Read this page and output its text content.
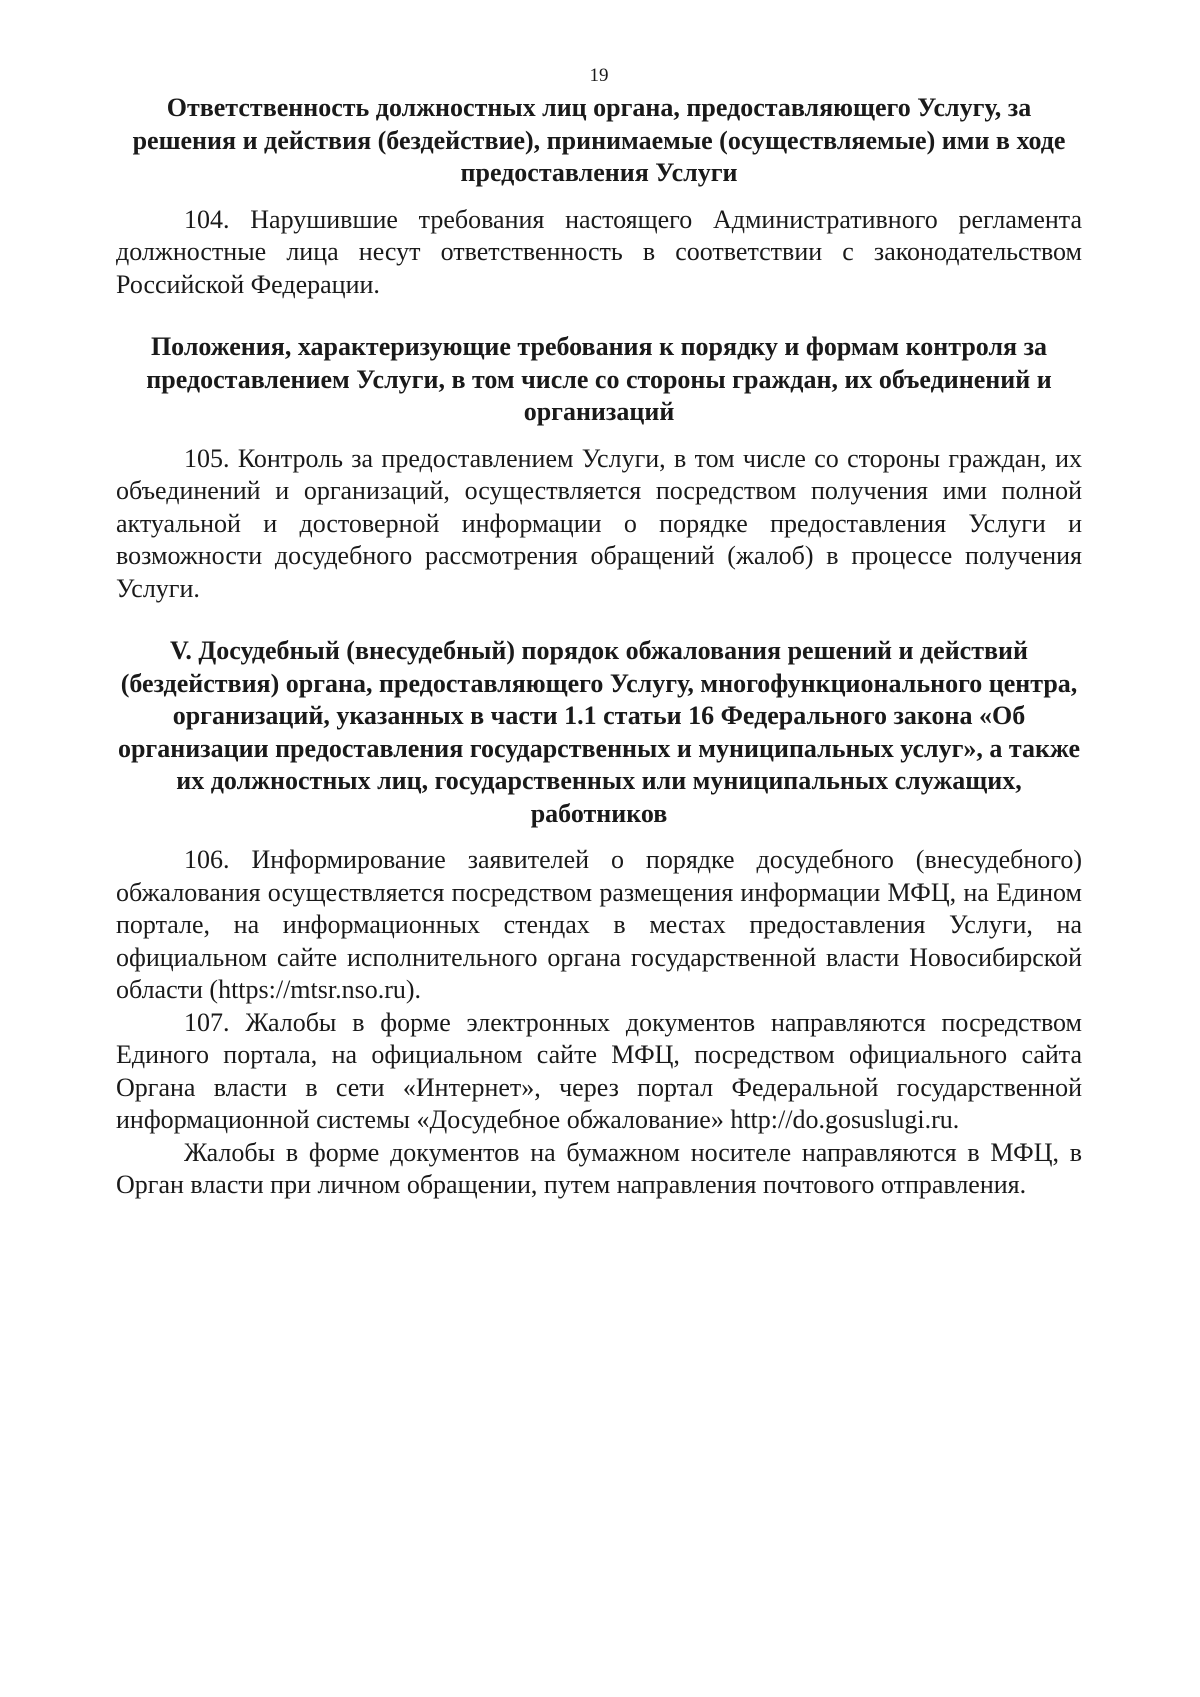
19
Ответственность должностных лиц органа, предоставляющего Услугу, за решения и действия (бездействие), принимаемые (осуществляемые) ими в ходе предоставления Услуги

104. Нарушившие требования настоящего Административного регламента должностные лица несут ответственность в соответствии с законодательством Российской Федерации.

Положения, характеризующие требования к порядку и формам контроля за предоставлением Услуги, в том числе со стороны граждан, их объединений и организаций

105. Контроль за предоставлением Услуги, в том числе со стороны граждан, их объединений и организаций, осуществляется посредством получения ими полной актуальной и достоверной информации о порядке предоставления Услуги и возможности досудебного рассмотрения обращений (жалоб) в процессе получения Услуги.

V. Досудебный (внесудебный) порядок обжалования решений и действий (бездействия) органа, предоставляющего Услугу, многофункционального центра, организаций, указанных в части 1.1 статьи 16 Федерального закона «Об организации предоставления государственных и муниципальных услуг», а также их должностных лиц, государственных или муниципальных служащих, работников

106. Информирование заявителей о порядке досудебного (внесудебного) обжалования осуществляется посредством размещения информации МФЦ, на Едином портале, на информационных стендах в местах предоставления Услуги, на официальном сайте исполнительного органа государственной власти Новосибирской области (https://mtsr.nso.ru).

107. Жалобы в форме электронных документов направляются посредством Единого портала, на официальном сайте МФЦ, посредством официального сайта Органа власти в сети «Интернет», через портал Федеральной государственной информационной системы «Досудебное обжалование» http://do.gosuslugi.ru.

Жалобы в форме документов на бумажном носителе направляются в МФЦ, в Орган власти при личном обращении, путем направления почтового отправления.
